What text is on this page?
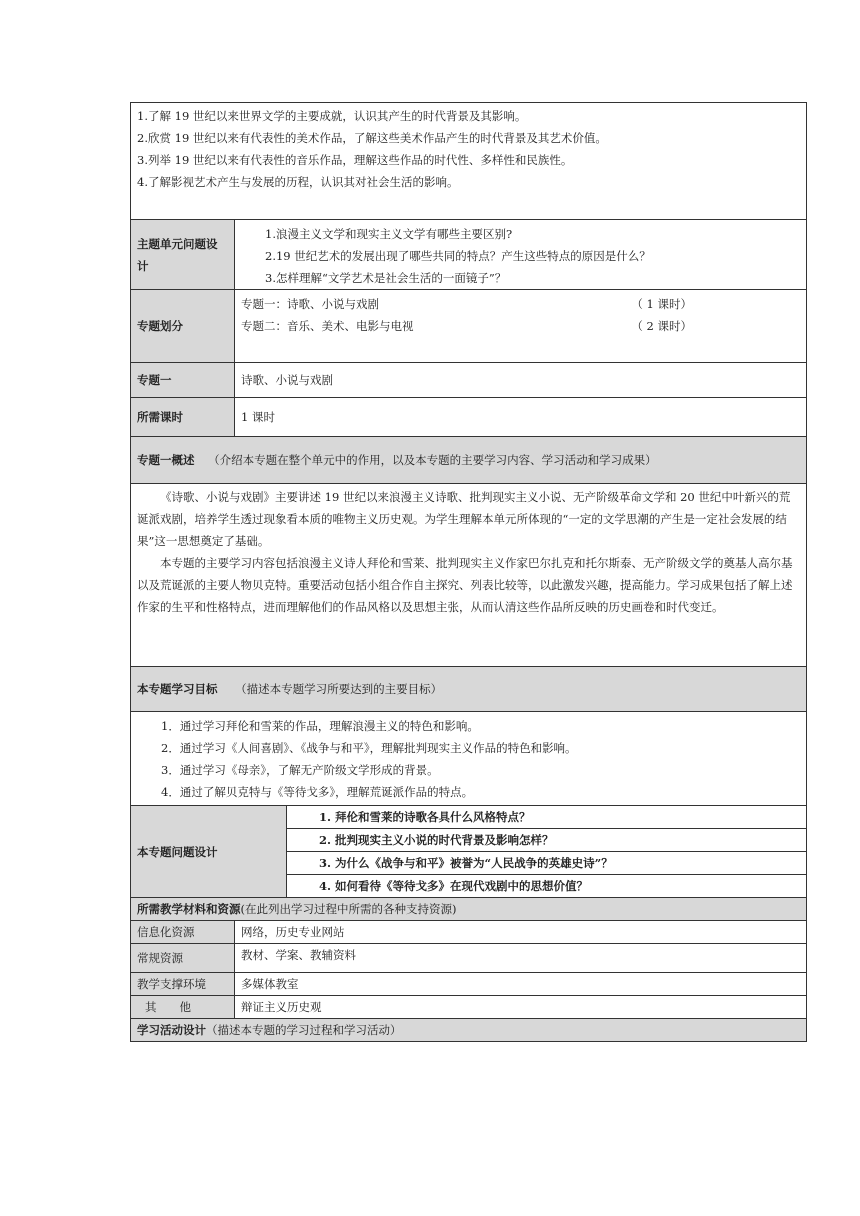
1.了解 19 世纪以来世界文学的主要成就，认识其产生的时代背景及其影响。
2.欣赏 19 世纪以来有代表性的美术作品，了解这些美术作品产生的时代背景及其艺术价值。
3.列举 19 世纪以来有代表性的音乐作品，理解这些作品的时代性、多样性和民族性。
4.了解影视艺术产生与发展的历程，认识其对社会生活的影响。

主题单元问题设计	
1.浪漫主义文学和现实主义文学有哪些主要区别?
2.19 世纪艺术的发展出现了哪些共同的特点？产生这些特点的原因是什么？
3.怎样理解“文学艺术是社会生活的一面镜子”？

专题划分	
专题一：诗歌、小说与戏剧	（ 1 课时）
专题二：音乐、美术、电影与电视	（ 2 课时）

专题一	诗歌、小说与戏剧
所需课时	1 课时
专题一概述 （介绍本专题在整个单元中的作用，以及本专题的主要学习内容、学习活动和学习成果）

《诗歌、小说与戏剧》主要讲述 19 世纪以来浪漫主义诗歌、批判现实主义小说、无产阶级革命文学和 20 世纪中叶新兴的荒诞派戏剧，培养学生透过现象看本质的唯物主义历史观。为学生理解本单元所体现的“一定的文学思潮的产生是一定社会发展的结果”这一思想奠定了基础。

本专题的主要学习内容包括浪漫主义诗人拜伦和雪莱、批判现实主义作家巴尔扎克和托尔斯泰、无产阶级文学的奠基人高尔基以及荒诞派的主要人物贝克特。重要活动包括小组合作自主探究、列表比较等，以此激发兴趣，提高能力。学习成果包括了解上述作家的生平和性格特点，进而理解他们的作品风格以及思想主张，从而认清这些作品所反映的历史画卷和时代变迁。

本专题学习目标 （描述本专题学习所要达到的主要目标）

1．通过学习拜伦和雪莱的作品，理解浪漫主义的特色和影响。
2．通过学习《人间喜剧》、《战争与和平》，理解批判现实主义作品的特色和影响。
3．通过学习《母亲》，了解无产阶级文学形成的背景。
4．通过了解贝克特与《等待戈多》，理解荒诞派作品的特点。

本专题问题设计	
1. 拜伦和雪莱的诗歌各具什么风格特点？
2. 批判现实主义小说的时代背景及影响怎样？
3. 为什么《战争与和平》被誉为“人民战争的英雄史诗”？
4. 如何看待《等待戈多》在现代戏剧中的思想价值？

所需教学材料和资源(在此列出学习过程中所需的各种支持资源)
信息化资源	网络，历史专业网站
常规资源	教材、学案、教辅资料
教学支撑环境	多媒体教室
其　　他	辩证主义历史观
学习活动设计（描述本专题的学习过程和学习活动）
